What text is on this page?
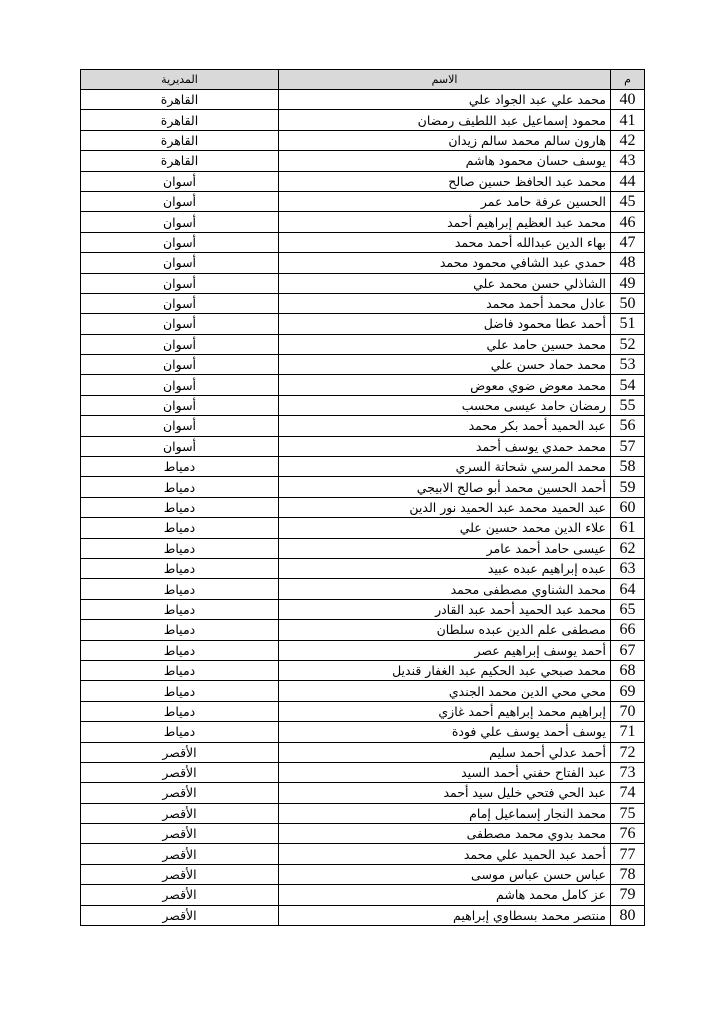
م	الاسم	المديرية
40	محمد علي عبد الجواد علي	القاهرة
41	محمود إسماعيل عبد اللطيف رمضان	القاهرة
42	هارون سالم محمد سالم زيدان	القاهرة
43	يوسف حسان محمود هاشم	القاهرة
44	محمد عبد الحافظ حسين صالح	أسوان
45	الحسين عرفة حامد عمر	أسوان
46	محمد عبد العظيم إبراهيم أحمد	أسوان
47	بهاء الدين عبدالله أحمد محمد	أسوان
48	حمدي عبد الشافي محمود محمد	أسوان
49	الشاذلي حسن محمد علي	أسوان
50	عادل محمد أحمد محمد	أسوان
51	أحمد عطا محمود فاضل	أسوان
52	محمد حسين حامد علي	أسوان
53	محمد حماد حسن علي	أسوان
54	محمد معوض ضوي معوض	أسوان
55	رمضان حامد عيسى محسب	أسوان
56	عبد الحميد أحمد بكر محمد	أسوان
57	محمد حمدي يوسف أحمد	أسوان
58	محمد المرسي شحاتة السري	دمياط
59	أحمد الحسين محمد أبو صالح الابيجي	دمياط
60	عبد الحميد محمد عبد الحميد نور الدين	دمياط
61	علاء الدين محمد حسين علي	دمياط
62	عيسى حامد أحمد عامر	دمياط
63	عبده إبراهيم عبده عبيد	دمياط
64	محمد الشناوي مصطفى محمد	دمياط
65	محمد عبد الحميد أحمد عبد القادر	دمياط
66	مصطفى علم الدين عبده سلطان	دمياط
67	أحمد يوسف إبراهيم عصر	دمياط
68	محمد صبحي عبد الحكيم عبد الغفار قنديل	دمياط
69	محي محي الدين محمد الجندي	دمياط
70	إبراهيم محمد إبراهيم أحمد غازي	دمياط
71	يوسف أحمد يوسف علي فودة	دمياط
72	أحمد عدلي أحمد سليم	الأقصر
73	عبد الفتاح حفني أحمد السيد	الأقصر
74	عبد الحي فتحي خليل سيد أحمد	الأقصر
75	محمد النجار إسماعيل إمام	الأقصر
76	محمد بدوي محمد مصطفى	الأقصر
77	أحمد عبد الحميد علي محمد	الأقصر
78	عباس حسن عباس موسى	الأقصر
79	عز كامل محمد هاشم	الأقصر
80	منتصر محمد بسطاوي إبراهيم	الأقصر
